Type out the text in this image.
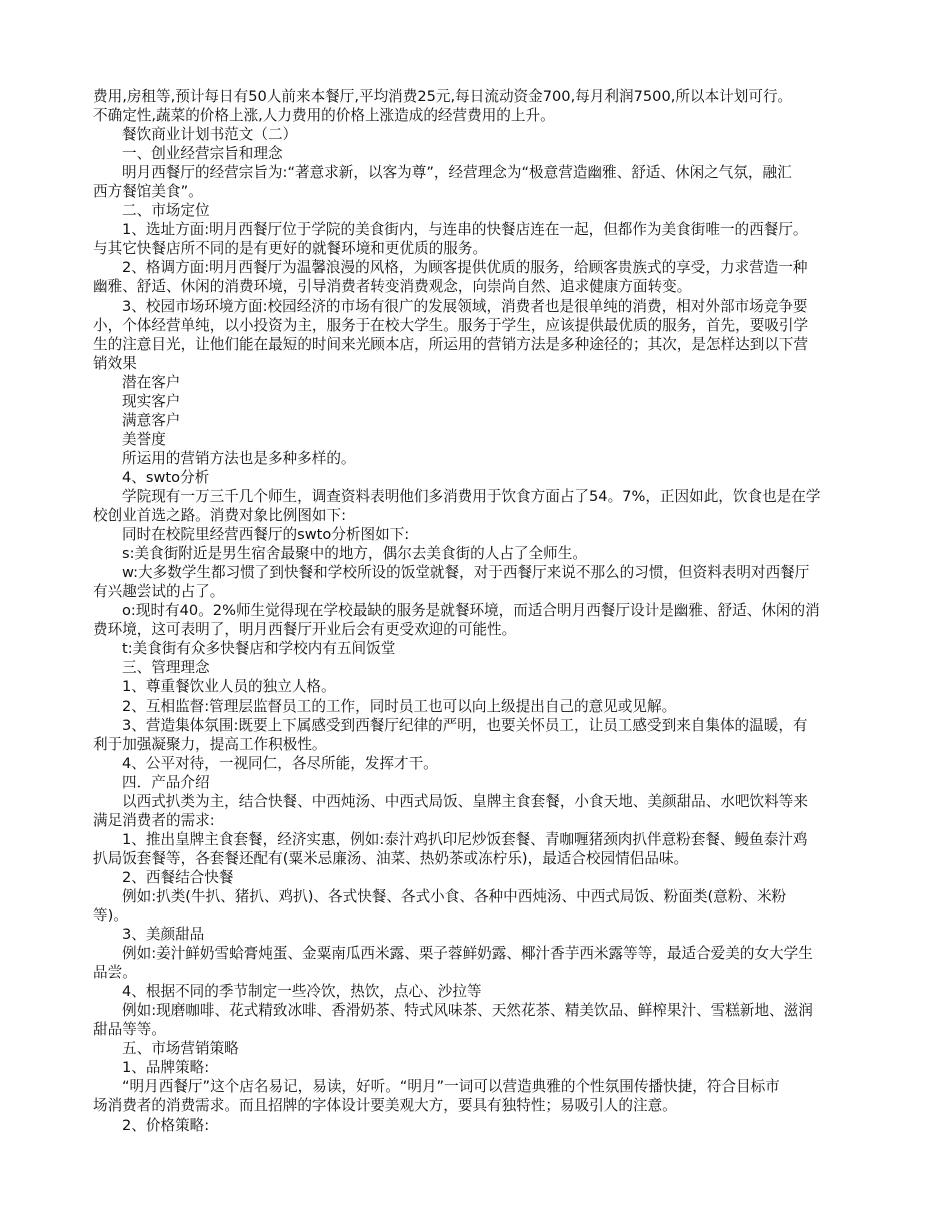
费用,房租等,预计每日有50人前来本餐厅,平均消费25元,每日流动资金700,每月利润7500,所以本计划可行。
不确定性,蔬菜的价格上涨,人力费用的价格上涨造成的经营费用的上升。
餐饮商业计划书范文（二）
一、创业经营宗旨和理念
明月西餐厅的经营宗旨为:“著意求新，以客为尊”，经营理念为“极意营造幽雅、舒适、休闲之气氛，融汇
西方餐馆美食”。
二、市场定位
1、选址方面:明月西餐厅位于学院的美食街内，与连串的快餐店连在一起，但都作为美食街唯一的西餐厅。
与其它快餐店所不同的是有更好的就餐环境和更优质的服务。
2、格调方面:明月西餐厅为温馨浪漫的风格，为顾客提供优质的服务，给顾客贵族式的享受，力求营造一种
幽雅、舒适、休闲的消费环境，引导消费者转变消费观念，向崇尚自然、追求健康方面转变。
3、校园市场环境方面:校园经济的市场有很广的发展领域，消费者也是很单纯的消费，相对外部市场竞争要
小，个体经营单纯，以小投资为主，服务于在校大学生。服务于学生，应该提供最优质的服务，首先，要吸引学
生的注意目光，让他们能在最短的时间来光顾本店，所运用的营销方法是多种途径的；其次，是怎样达到以下营
销效果
潜在客户
现实客户
满意客户
美誉度
所运用的营销方法也是多种多样的。
4、swto分析
学院现有一万三千几个师生，调查资料表明他们多消费用于饮食方面占了54。7%，正因如此，饮食也是在学
校创业首选之路。消费对象比例图如下:
同时在校院里经营西餐厅的swto分析图如下:
s:美食街附近是男生宿舍最聚中的地方，偶尔去美食街的人占了全师生。
w:大多数学生都习惯了到快餐和学校所设的饭堂就餐，对于西餐厅来说不那么的习惯，但资料表明对西餐厅
有兴趣尝试的占了。
o:现时有40。2%师生觉得现在学校最缺的服务是就餐环境，而适合明月西餐厅设计是幽雅、舒适、休闲的消
费环境，这可表明了，明月西餐厅开业后会有更受欢迎的可能性。
t:美食街有众多快餐店和学校内有五间饭堂
三、管理理念
1、尊重餐饮业人员的独立人格。
2、互相监督:管理层监督员工的工作，同时员工也可以向上级提出自己的意见或见解。
3、营造集体氛围:既要上下属感受到西餐厅纪律的严明，也要关怀员工，让员工感受到来自集体的温暖，有
利于加强凝聚力，提高工作积极性。
4、公平对待，一视同仁，各尽所能，发挥才干。
四．产品介绍
以西式扒类为主，结合快餐、中西炖汤、中西式局饭、皇牌主食套餐，小食天地、美颜甜品、水吧饮料等来
满足消费者的需求:
1、推出皇牌主食套餐，经济实惠，例如:泰汁鸡扒印尼炒饭套餐、青咖喱猪颈肉扒伴意粉套餐、鳗鱼泰汁鸡
扒局饭套餐等，各套餐还配有(粟米忌廉汤、油菜、热奶茶或冻柠乐)，最适合校园情侣品味。
2、西餐结合快餐
例如:扒类(牛扒、猪扒、鸡扒)、各式快餐、各式小食、各种中西炖汤、中西式局饭、粉面类(意粉、米粉
等)。
3、美颜甜品
例如:姜汁鲜奶雪蛤膏炖蛋、金粟南瓜西米露、栗子蓉鲜奶露、椰汁香芋西米露等等，最适合爱美的女大学生
品尝。
4、根据不同的季节制定一些冷饮，热饮，点心、沙拉等
例如:现磨咖啡、花式精致冰啡、香滑奶茶、特式风味茶、天然花茶、精美饮品、鲜榨果汁、雪糕新地、滋润
甜品等等。
五、市场营销策略
1、品牌策略:
“明月西餐厅”这个店名易记，易读，好听。“明月”一词可以营造典雅的个性氛围传播快捷，符合目标市
场消费者的消费需求。而且招牌的字体设计要美观大方，要具有独特性；易吸引人的注意。
2、价格策略:
